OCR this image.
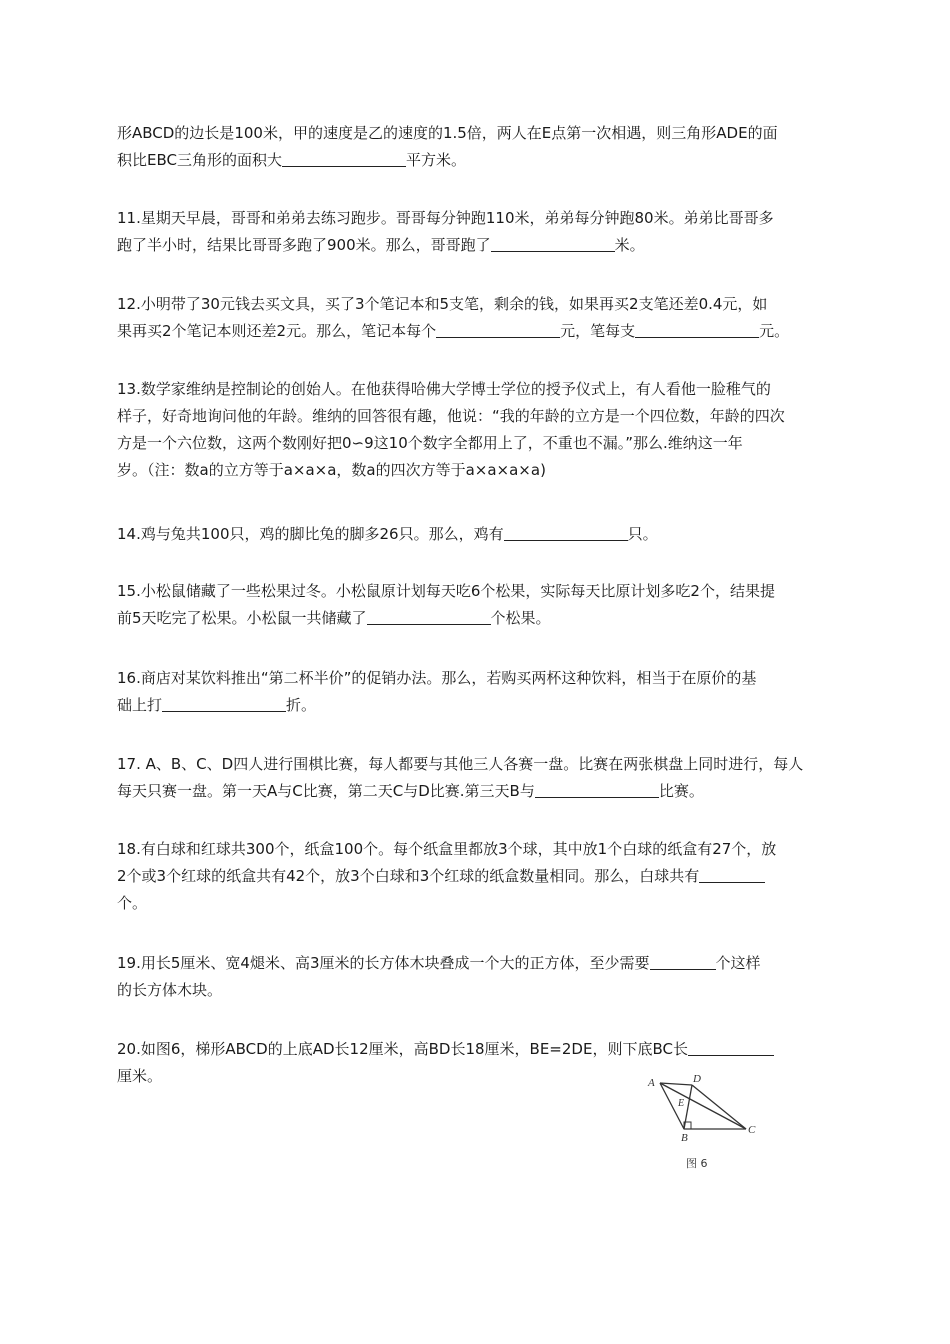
形ABCD的边长是100米，甲的速度是乙的速度的1.5倍，两人在E点第一次相遇，则三角形ADE的面
积比EBC三角形的面积大	平方米。
11.星期天早晨，哥哥和弟弟去练习跑步。哥哥每分钟跑110米，弟弟每分钟跑80米。弟弟比哥哥多
跑了半小时，结果比哥哥多跑了900米。那么，哥哥跑了	米。
12.小明带了30元钱去买文具，买了3个笔记本和5支笔，剩余的钱，如果再买2支笔还差0.4元，如
果再买2个笔记本则还差2元。那么，笔记本每个	元，笔每支	元。
13.数学家维纳是控制论的创始人。在他获得哈佛大学博士学位的授予仪式上，有人看他一脸稚气的
样子，好奇地询问他的年龄。维纳的回答很有趣，他说：“我的年龄的立方是一个四位数，年龄的四次
方是一个六位数，这两个数刚好把0∽9这10个数字全都用上了，不重也不漏。”那么.维纳这一年
岁。（注：数a的立方等于a×a×a，数a的四次方等于a×a×a×a)
14.鸡与兔共100只，鸡的脚比兔的脚多26只。那么，鸡有	只。
15.小松鼠储藏了一些松果过冬。小松鼠原计划每天吃6个松果，实际每天比原计划多吃2个，结果提
前5天吃完了松果。小松鼠一共储藏了	个松果。
16.商店对某饮料推出“第二杯半价”的促销办法。那么，若购买两杯这种饮料，相当于在原价的基
础上打	折。
17. A、B、C、D四人进行围棋比赛，每人都要与其他三人各赛一盘。比赛在两张棋盘上同时进行，每人
每天只赛一盘。第一天A与C比赛，第二天C与D比赛.第三天B与	比赛。
18.有白球和红球共300个，纸盒100个。每个纸盒里都放3个球，其中放1个白球的纸盒有27个，放
2个或3个红球的纸盒共有42个，放3个白球和3个红球的纸盒数量相同。那么，白球共有
个。
19.用长5厘米、宽4煺米、高3厘米的长方体木块叠成一个大的正方体，至少需要	个这样
的长方体木块。
20.如图6，梯形ABCD的上底AD长12厘米，高BD长18厘米，BE=2DE，则下底BC长
厘米。	A	D
E
B
C
图 6
